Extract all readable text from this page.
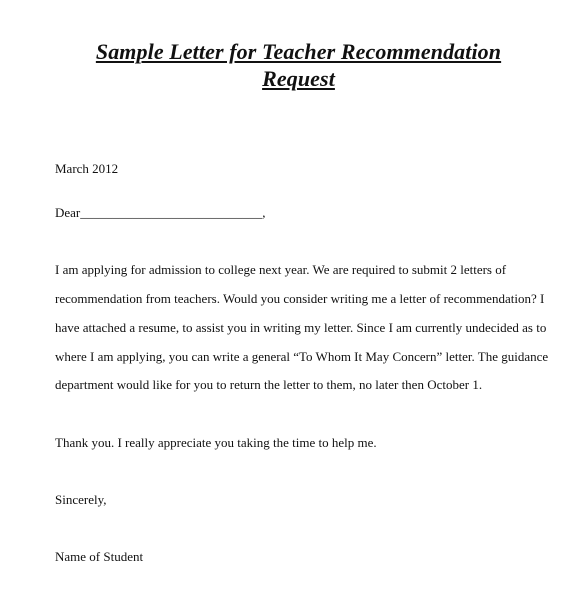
Sample Letter for Teacher Recommendation
Request

March 2012

Dear____________________________,

I am applying for admission to college next year. We are required to submit 2 letters of

recommendation from teachers. Would you consider writing me a letter of recommendation? I

have attached a resume, to assist you in writing my letter. Since I am currently undecided as to

where I am applying, you can write a general “To Whom It May Concern” letter. The guidance

department would like for you to return the letter to them, no later then October 1.

Thank you. I really appreciate you taking the time to help me.

Sincerely,

Name of Student
